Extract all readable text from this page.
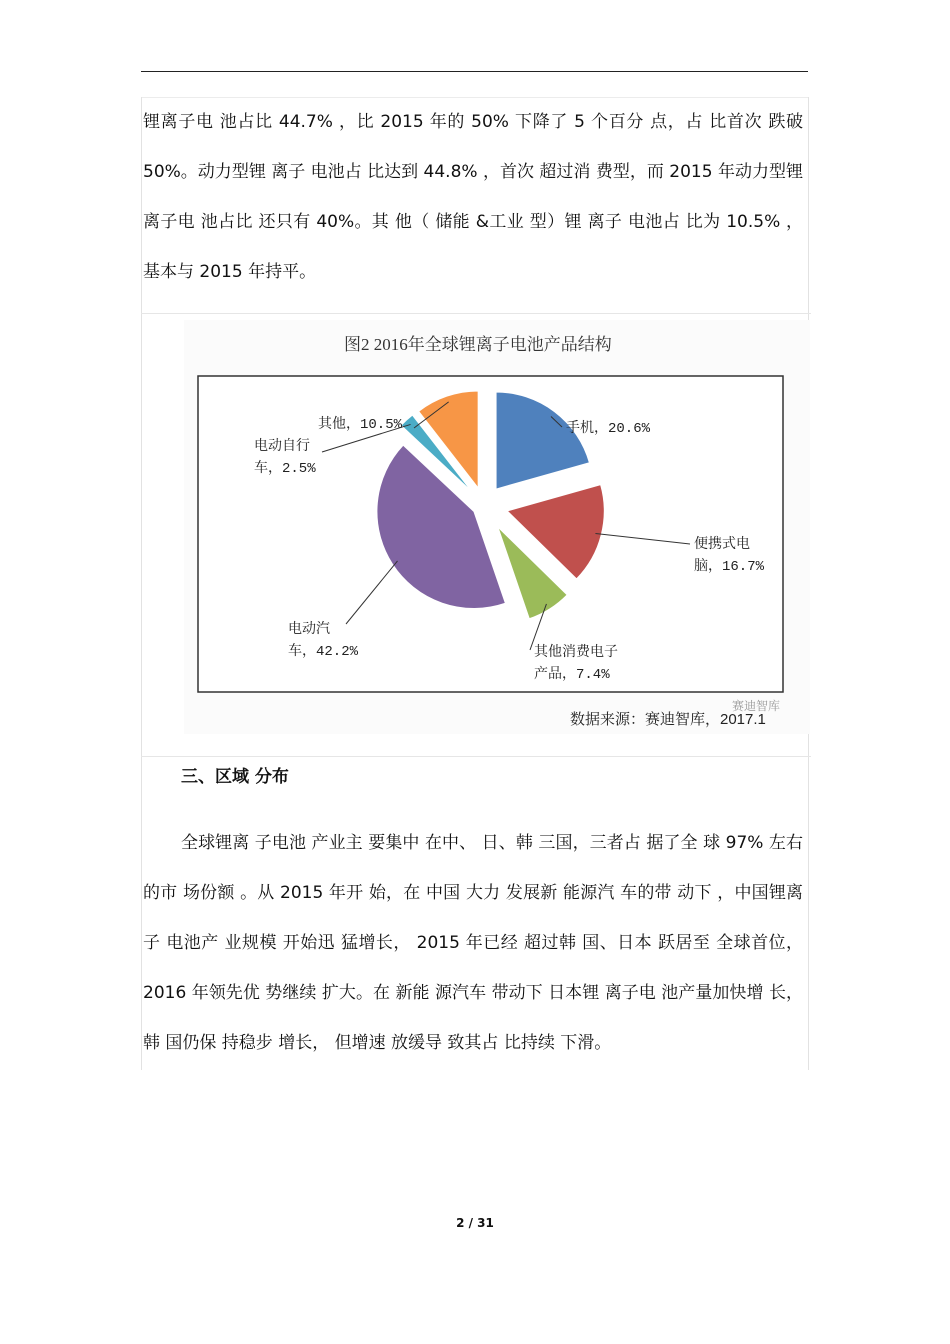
锂离子电 池占比 44.7% ，比 2015 年的 50% 下降了 5 个百分 点，占 比首次 跌破 50%。动力型锂 离子 电池占 比达到 44.8% ，首次 超过消 费型，而 2015 年动力型锂 离子电 池占比 还只有 40%。其 他（ 储能 &工业 型）锂 离子 电池占 比为 10.5% ，基本与 2015 年持平。

图2 2016年全球锂离子电池产品结构
手机，20.6%
便携式电脑，16.7%
其他消费电子产品，7.4%
电动汽车，42.2%
电动自行车，2.5%
其他，10.5%
赛迪智库
数据来源：赛迪智库，2017.1
三、区域 分布

全球锂离 子电池 产业主 要集中 在中、 日、韩 三国，三者占 据了全 球 97% 左右的市 场份额 。从 2015 年开 始，在 中国 大力 发展新 能源汽 车的带 动下 ，中国锂离子 电池产 业规模 开始迅 猛增长， 2015 年已经 超过韩 国、日本 跃居至 全球首位， 2016 年领先优 势继续 扩大。在 新能 源汽车 带动下 日本锂 离子电 池产量加快增 长，韩 国仍保 持稳步 增长， 但增速 放缓导 致其占 比持续 下滑。

2 / 31
